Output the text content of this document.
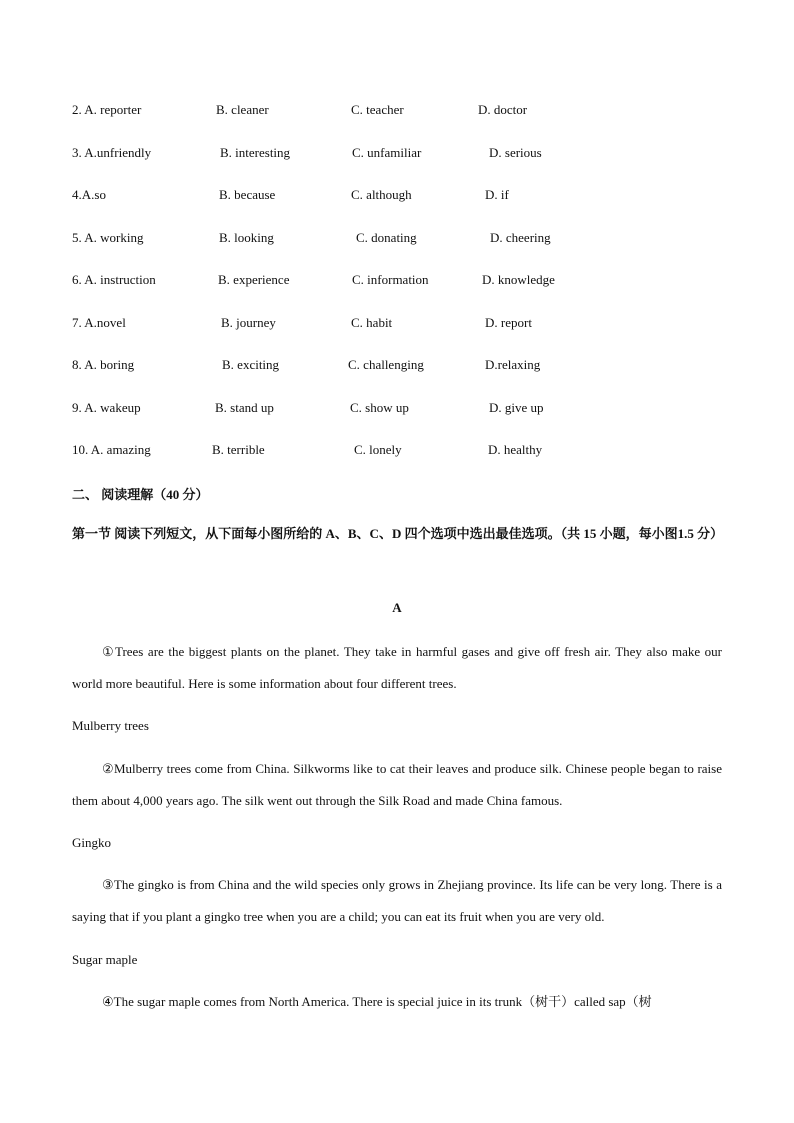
2. A. reporter	B. cleaner	C. teacher	D. doctor
3. A.unfriendly	B. interesting	C. unfamiliar	D. serious
4.A.so	B. because	C. although	D. if
5. A. working	B. looking	C. donating	D. cheering
6. A. instruction	B. experience	C. information	D. knowledge
7. A.novel	B. journey	C. habit	D. report
8. A. boring	B. exciting	C. challenging	D.relaxing
9. A. wakeup	B. stand up	C. show up	D. give up
10. A. amazing	B. terrible	C. lonely	D. healthy
二、 阅读理解（40 分）
第一节 阅读下列短文，从下面每小图所给的 A、B、C、D 四个选项中选出最佳选项。（共 15 小题，每小图1.5 分）
A
①Trees are the biggest plants on the planet. They take in harmful gases and give off fresh air. They also make our world more beautiful. Here is some information about four different trees.
Mulberry trees
②Mulberry trees come from China. Silkworms like to cat their leaves and produce silk. Chinese people began to raise them about 4,000 years ago. The silk went out through the Silk Road and made China famous.
Gingko
③The gingko is from China and the wild species only grows in Zhejiang province. Its life can be very long. There is a saying that if you plant a gingko tree when you are a child; you can eat its fruit when you are very old.
Sugar maple
④The sugar maple comes from North America. There is special juice in its trunk（树干）called sap（树
